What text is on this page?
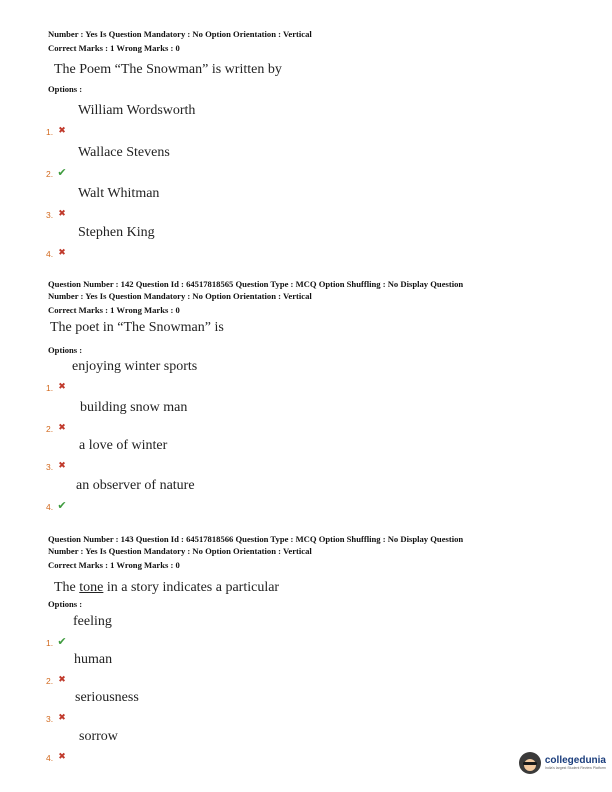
Number : Yes Is Question Mandatory : No Option Orientation : Vertical

Correct Marks : 1 Wrong Marks : 0

The Poem “The Snowman” is written by

Options :

William Wordsworth
1. ✖
Wallace Stevens
2. ✔
Walt Whitman
3. ✖
Stephen King
4. ✖

Question Number : 142 Question Id : 64517818565 Question Type : MCQ Option Shuffling : No Display Question

Number : Yes Is Question Mandatory : No Option Orientation : Vertical

Correct Marks : 1 Wrong Marks : 0

The poet in “The Snowman” is

Options :

enjoying winter sports
1. ✖
building snow man
2. ✖
a love of winter
3. ✖
an observer of nature
4. ✔

Question Number : 143 Question Id : 64517818566 Question Type : MCQ Option Shuffling : No Display Question

Number : Yes Is Question Mandatory : No Option Orientation : Vertical

Correct Marks : 1 Wrong Marks : 0

The tone in a story indicates a particular

Options :

feeling
1. ✔
human
2. ✖
seriousness
3. ✖
sorrow
4. ✖	collegedunia
India's largest Student Review Platform
